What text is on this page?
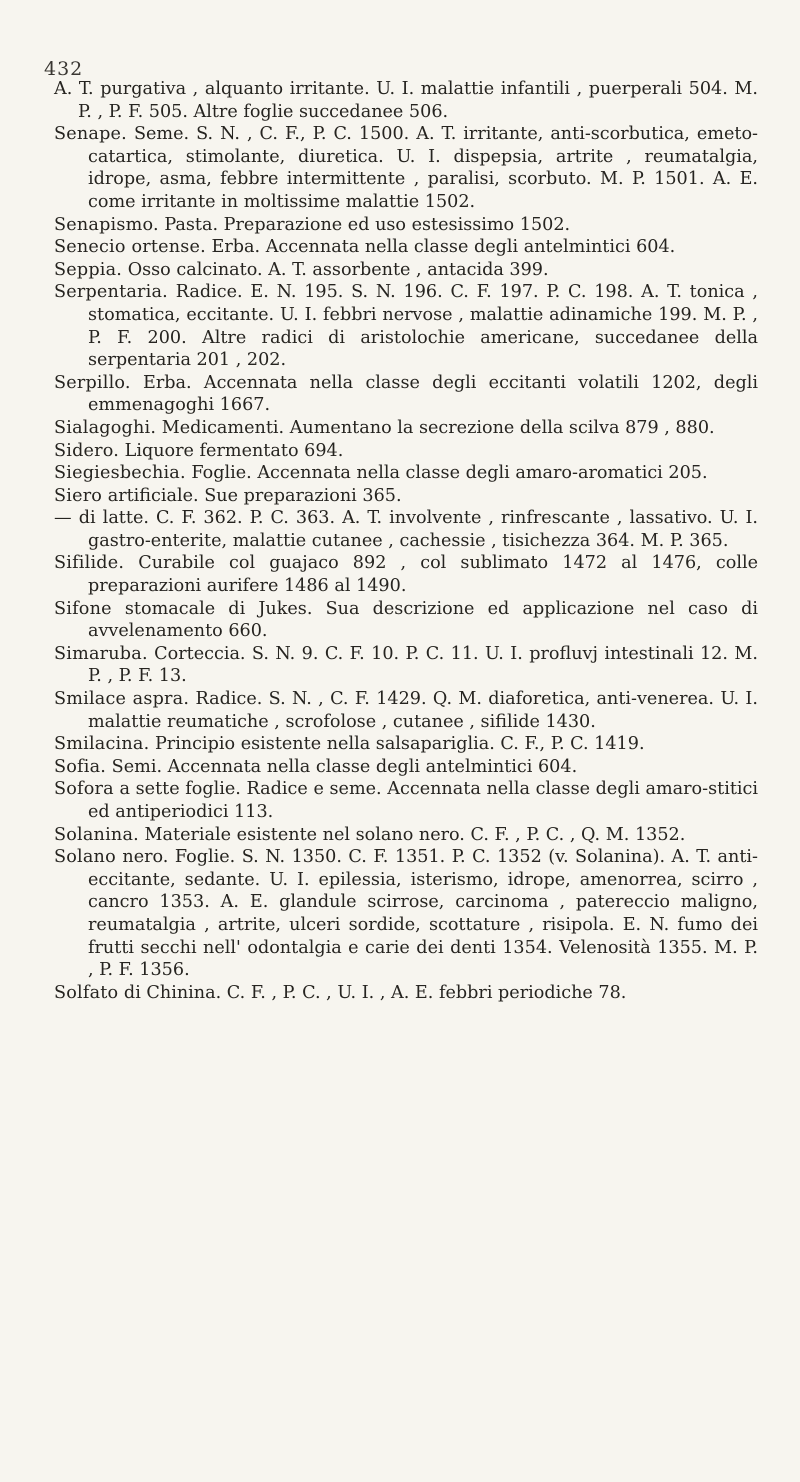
432

A. T. purgativa , alquanto irritante. U. I. malattie infantili , puerperali 504. M. P. , P. F. 505. Altre foglie succedanee 506.

Senape. Seme. S. N. , C. F., P. C. 1500. A. T. irritante, anti-scorbutica, emeto-catartica, stimolante, diuretica. U. I. dispepsia, artrite , reumatalgia, idrope, asma, febbre intermittente , paralisi, scorbuto. M. P. 1501. A. E. come irritante in moltissime malattie 1502.

Senapismo. Pasta. Preparazione ed uso estesissimo 1502.

Senecio ortense. Erba. Accennata nella classe degli antelmintici 604.

Seppia. Osso calcinato. A. T. assorbente , antacida 399.

Serpentaria. Radice. E. N. 195. S. N. 196. C. F. 197. P. C. 198. A. T. tonica , stomatica, eccitante. U. I. febbri nervose , malattie adinamiche 199. M. P. , P. F. 200. Altre radici di aristolochie americane, succedanee della serpentaria 201 , 202.

Serpillo. Erba. Accennata nella classe degli eccitanti volatili 1202, degli emmenagoghi 1667.

Sialagoghi. Medicamenti. Aumentano la secrezione della scilva 879 , 880.

Sidero. Liquore fermentato 694.

Siegiesbechia. Foglie. Accennata nella classe degli amaro-aromatici 205.

Siero artificiale. Sue preparazioni 365.

— di latte. C. F. 362. P. C. 363. A. T. involvente , rinfrescante , lassativo. U. I. gastro-enterite, malattie cutanee , cachessie , tisichezza 364. M. P. 365.

Sifilide. Curabile col guajaco 892 , col sublimato 1472 al 1476, colle preparazioni aurifere 1486 al 1490.

Sifone stomacale di Jukes. Sua descrizione ed applicazione nel caso di avvelenamento 660.

Simaruba. Corteccia. S. N. 9. C. F. 10. P. C. 11. U. I. profluvj intestinali 12. M. P. , P. F. 13.

Smilace aspra. Radice. S. N. , C. F. 1429. Q. M. diaforetica, anti-venerea. U. I. malattie reumatiche , scrofolose , cutanee , sifilide 1430.

Smilacina. Principio esistente nella salsapariglia. C. F., P. C. 1419.

Sofia. Semi. Accennata nella classe degli antelmintici 604.

Sofora a sette foglie. Radice e seme. Accennata nella classe degli amaro-stitici ed antiperiodici 113.

Solanina. Materiale esistente nel solano nero. C. F. , P. C. , Q. M. 1352.

Solano nero. Foglie. S. N. 1350. C. F. 1351. P. C. 1352 (v. Solanina). A. T. anti-eccitante, sedante. U. I. epilessia, isterismo, idrope, amenorrea, scirro , cancro 1353. A. E. glandule scirrose, carcinoma , patereccio maligno, reumatalgia , artrite, ulceri sordide, scottature , risipola. E. N. fumo dei frutti secchi nell' odontalgia e carie dei denti 1354. Velenosità 1355. M. P. , P. F. 1356.

Solfato di Chinina. C. F. , P. C. , U. I. , A. E. febbri periodiche 78.
